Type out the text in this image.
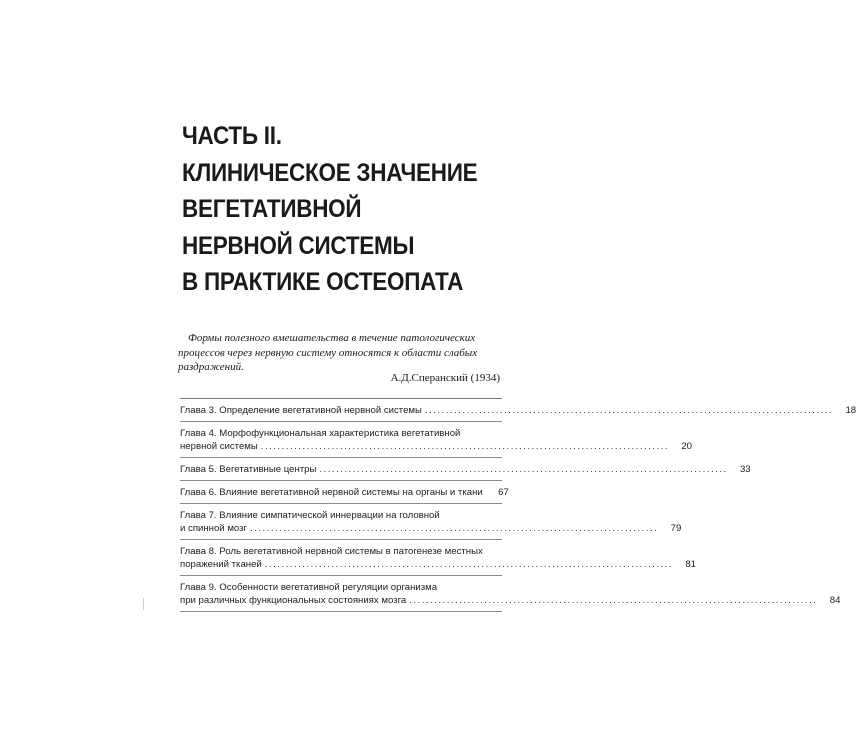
ЧАСТЬ II.
КЛИНИЧЕСКОЕ ЗНАЧЕНИЕ
ВЕГЕТАТИВНОЙ
НЕРВНОЙ СИСТЕМЫ
В ПРАКТИКЕ ОСТЕОПАТА

Формы полезного вмешательства в течение патологических процессов через нервную систему относятся к области слабых раздражений.

А.Д.Сперанский (1934)
Глава 3. Определение вегетативной нервной системы ..................................................................................................	18
Глава 4. Морфофункциональная характеристика вегетативной
нервной системы ..................................................................................................	20
Глава 5. Вегетативные центры ..................................................................................................	33
Глава 6. Влияние вегетативной нервной системы на органы и ткани	67
Глава 7. Влияние симпатической иннервации на головной
и спинной мозг ..................................................................................................	79
Глава 8. Роль вегетативной нервной системы в патогенезе местных
поражений тканей ..................................................................................................	81
Глава 9. Особенности вегетативной регуляции организма
при различных функциональных состояниях мозга ..................................................................................................	84
